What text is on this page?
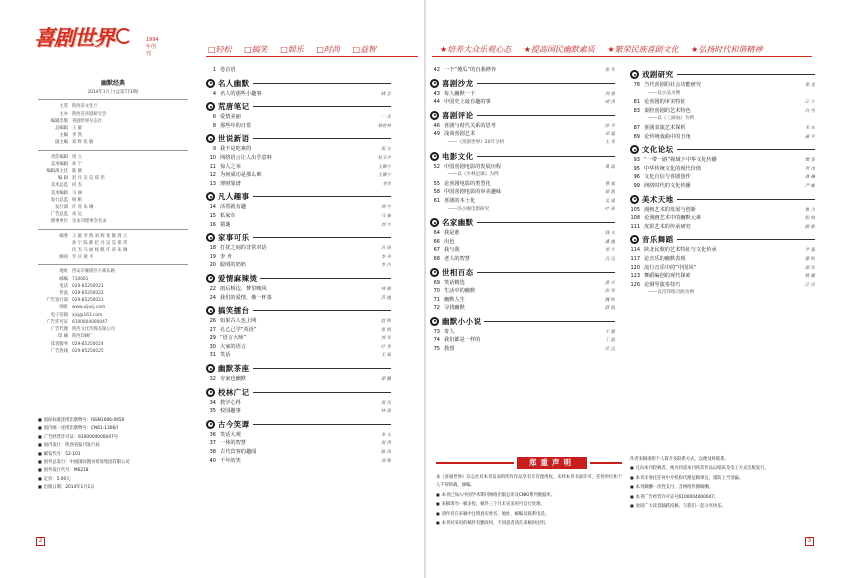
喜剧世界	1994年创刊	□轻松 □搞笑 □娱乐 □时尚 □益智	★培养大众乐观心态 ★提高国民幽默素质 ★繁荣民族喜剧文化 ★弘扬时代和谐精神
幽默经典
2014年1月上(总第773期)
主管 陕西省文化厅
主办 陕西省喜剧研究会
编辑出版 喜剧世界杂志社
总编辑 王 毅
主编 李 凯
副主编 刘 辉 张 敏
责任编辑 周 立
美术编辑 孙 宁
编辑部主任 陈 静
编 辑 赵 丹 吴 昊 郑 伟
美术总监 何 杰
美术编辑 马 丽
发行总监 杨 帆
发行部 许 涛 朱 琳
广告总监 高 远
理事单位 见本刊理事会名录
编委 王 毅 李 凯 刘 辉 张 敏 周 立
孙 宁 陈 静 赵 丹 吴 昊 郑 伟
何 杰 马 丽 杨 帆 许 涛 朱 琳
顾问 罗 兵 梁 平
地址 西安市雁塔区小寨东路
邮编 710061
电话 029-85250021
传真 029-85250022
广告发行部 029-85250023
网址 www.xijusj.com
电子信箱 xjsj@163.com
广告许可证 6100004000047
广告代理 陕西文化传媒有限公司
印 刷 陕西印刷厂
读者服务 029-85250024
广告热线 029-85250025
■ 国际标准连续出版物号：ISSN1006-0650
■ 国内统一连续出版物号：CN61-1306/I
■ 广告经营许可证：6100004000047号
■ 国内发行：陕西省报刊发行局
■ 邮发代号：52-101
■ 国外总发行：中国国际图书贸易集团有限公司
■ 国外发行代号：M6218
■ 定价：5.00元
■ 出版日期：2014年1月1日
1 卷首语
名人幽默
4 名人的那些小趣事	晓 言
荒唐笔记
6 爱情美丽	一 禾
8 那些年的日常	杨世林
世说新语
9 我不是吃素的	南 方
10 网络语言让人出乎意料	杜卫平
11 惊人之举	王雅宁
12 为何成功是那么难	王雅宁
13 理财靠谱	李雪
凡人趣事
14 活着就有趣	刘 宇
15 私家车	马 强
16 猜谜	刘 宇
家事可乐
18 打扰之间的非常对话	肖 雨
19 李 舟	李 舟
20 聪明的奶奶	李 川
爱情麻辣烫
22 雨后桥边，梦里晚风	林 晓
24 我们的爱情，像一杯茶	苏 越
搞笑擂台
26 如果古人也上网	赵 明
27 孔乙己学“英语”	张 凯
29 “语言大师”	刘 军
30 大家的语言	叶 青
31 笑话	王 斌
幽默茶座
32 专家也幽默	郭 鹏
校林广记
34 教学心得	周 洋
35 校园趣事	林 海
古今笑谭
36 笑话大观	李 文
37 一休的智慧	周 涛
38 古代宾客的趣闻	陈 风
40 千年的笑	刘 辉
42 一个“傻瓜”的自我修养	张 军
喜剧沙龙
43 每人幽默一下	刘 晨
44 中国史上最有趣的事	胡 涛
喜剧评论
46 喜剧与时代关系的思考	孙 平
49 浅谈喜剧艺术	邓 超
——《喜剧世界》20年分析	王 亮
电影文化
52 中国喜剧电影的发展历程	黄 磊
——以《少林足球》为例
55 论喜剧电影的类型化	曹 斌
58 中国喜剧电影的审美趣味	郑 凯
61 喜剧的本土化	吴 迪
——冯小刚电影研究	叶 南
名家幽默
64 我是谁	钱 文
66 出色	潘 越
67 我与我	邹 宁
68 老人的智慧	冯 远
世相百态
69 笑话精选	唐 兵
70 生活中的幽默	彭 亮
71 幽默人生	魏 明
72 寻找幽默	薛 凯
幽默小小说
73 奇人	于 静
74 我们都是一样的	丁 磊
75 教授	任 远
戏剧研究
78 当代喜剧的社会功能研究	秦 龙
——以小品为例
81 论喜剧的审美特征	江 宁
83 秦腔喜剧的艺术特色	白 雪
——以《三滴血》为例
87 喜剧表演艺术探析	韦 东
89 论传统戏曲中的丑角	康 平
文化论坛
93 “一带一路”视域下中华文化传播	樊 荣
95 中华传统文化的现代价值	贺 伟
96 文化自信与喜剧创作	龚 琳
99 网络时代的文化传播	严 峻
美术天地
105 漫画艺术的发展与创新	鲁 力
108 论漫画艺术中的幽默元素	程 晓
111 皮影艺术的传承研究	顾 新
音乐舞蹈
114 陕北民歌的艺术特征与文化传承	尹 超
117 论音乐的幽默表现	黎 明
120 流行音乐中的“中国风”	邵 军
123 舞蹈编创的现代探索	姚 璐
126 论钢琴演奏技巧	汪 洋
——以肖邦练习曲为例
郑重声明

本《喜剧世界》杂志社对本刊发表的所有作品享有专有使用权，未经本刊书面许可，任何单位和个人不得转载、摘编。

■ 本刊已加入中国学术期刊网络出版总库及CNKI系列数据库。

■ 来稿请勿一稿多投，稿件三个月未见采用可自行处理。

■ 请作者在来稿中注明真实姓名、地址、邮编及联系电话。

■ 本刊对采用的稿件有删改权，不同意者请在来稿时注明。

作者来稿请附个人简介及联系方式，以便及时联系。

■ 凡向本刊投稿者，视为同意本刊将其作品以纸质及电子方式出版发行。

■ 本刊未委托任何中介机构代理征稿事宜，谨防上当受骗。

■ 本刊稿酬一次性支付，含网络传播稿酬。

■ 本刊广告经营许可证号6100004000047。

■ 欢迎广大读者踊跃投稿，与我们一起分享快乐。

2	3
